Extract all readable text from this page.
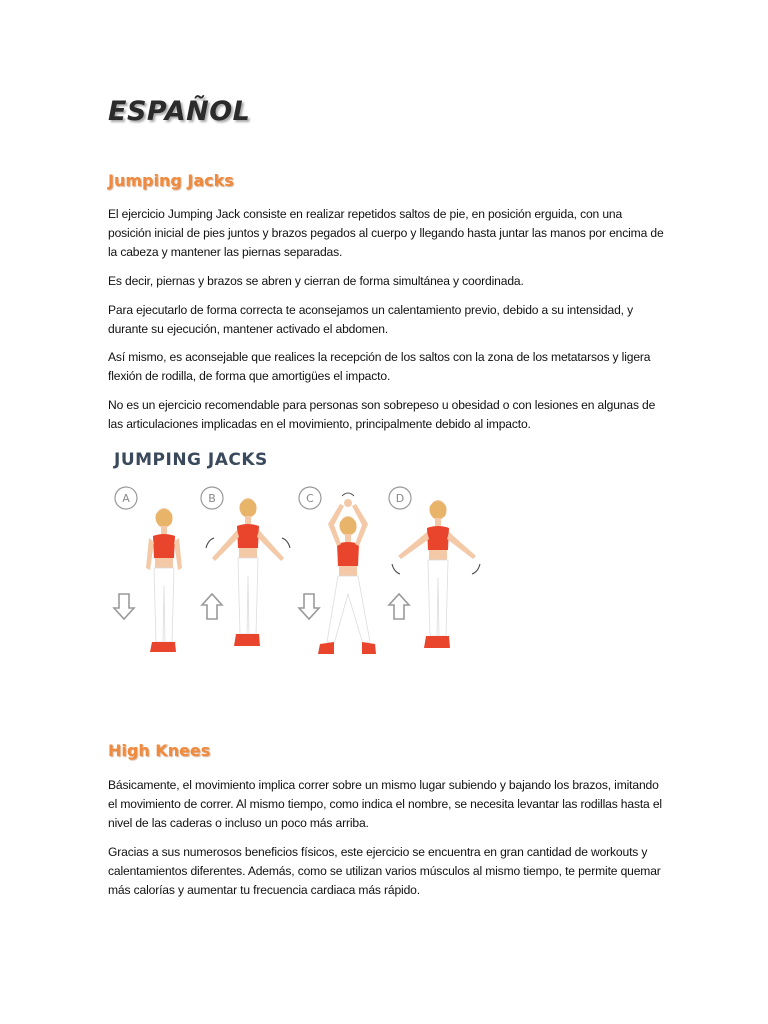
ESPAÑOL
Jumping Jacks

El ejercicio Jumping Jack consiste en realizar repetidos saltos de pie, en posición erguida, con una posición inicial de pies juntos y brazos pegados al cuerpo y llegando hasta juntar las manos por encima de la cabeza y mantener las piernas separadas.

Es decir, piernas y brazos se abren y cierran de forma simultánea y coordinada.

Para ejecutarlo de forma correcta te aconsejamos un calentamiento previo, debido a su intensidad, y durante su ejecución, mantener activado el abdomen.

Así mismo, es aconsejable que realices la recepción de los saltos con la zona de los metatarsos y ligera flexión de rodilla, de forma que amortigües el impacto.

No es un ejercicio recomendable para personas son sobrepeso u obesidad o con lesiones en algunas de las articulaciones implicadas en el movimiento, principalmente debido al impacto.

A	B	C	D
JUMPING JACKS
High Knees

Básicamente, el movimiento implica correr sobre un mismo lugar subiendo y bajando los brazos, imitando el movimiento de correr. Al mismo tiempo, como indica el nombre, se necesita levantar las rodillas hasta el nivel de las caderas o incluso un poco más arriba.

Gracias a sus numerosos beneficios físicos, este ejercicio se encuentra en gran cantidad de workouts y calentamientos diferentes. Además, como se utilizan varios músculos al mismo tiempo, te permite quemar más calorías y aumentar tu frecuencia cardiaca más rápido.
